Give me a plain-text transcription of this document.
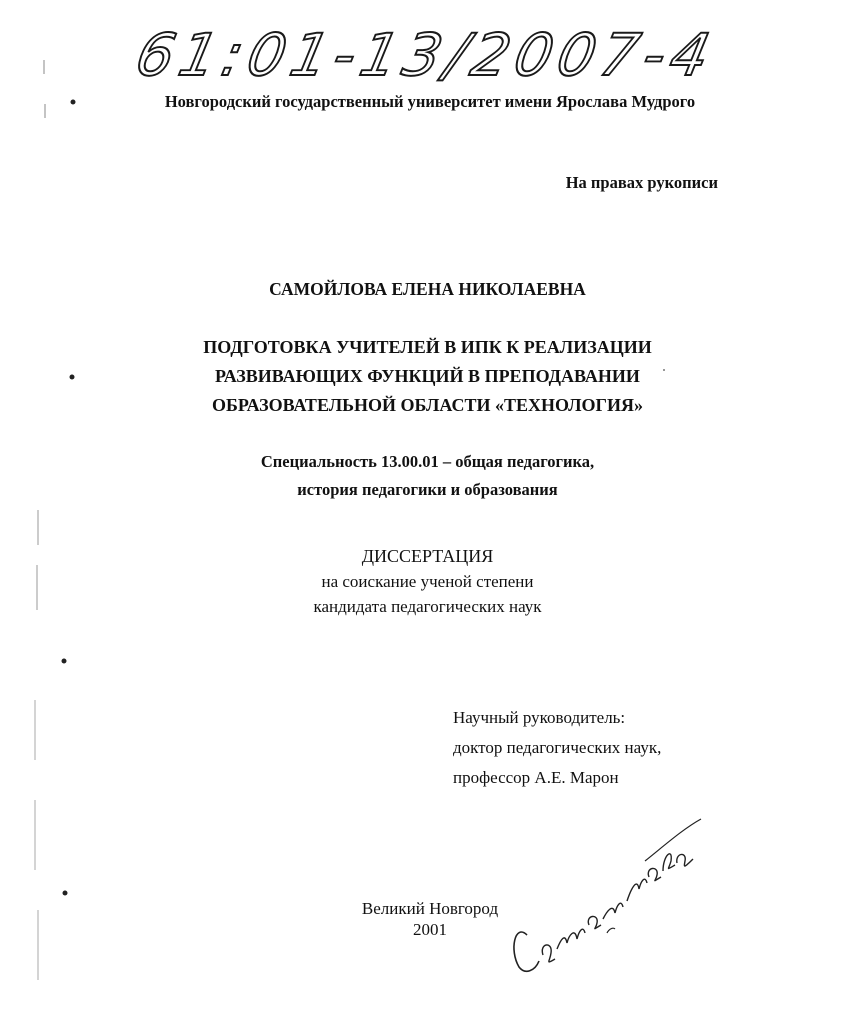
61:01-13/2007-4
Новгородский государственный университет имени Ярослава Мудрого
На правах рукописи
САМОЙЛОВА ЕЛЕНА НИКОЛАЕВНА
ПОДГОТОВКА УЧИТЕЛЕЙ В ИПК К РЕАЛИЗАЦИИ
РАЗВИВАЮЩИХ ФУНКЦИЙ В ПРЕПОДАВАНИИ
ОБРАЗОВАТЕЛЬНОЙ ОБЛАСТИ «ТЕХНОЛОГИЯ»
Специальность 13.00.01 – общая педагогика,
история педагогики и образования
ДИССЕРТАЦИЯ
на соискание ученой степени
кандидата педагогических наук
Научный руководитель:
доктор педагогических наук,
профессор А.Е. Марон
Великий Новгород
2001
